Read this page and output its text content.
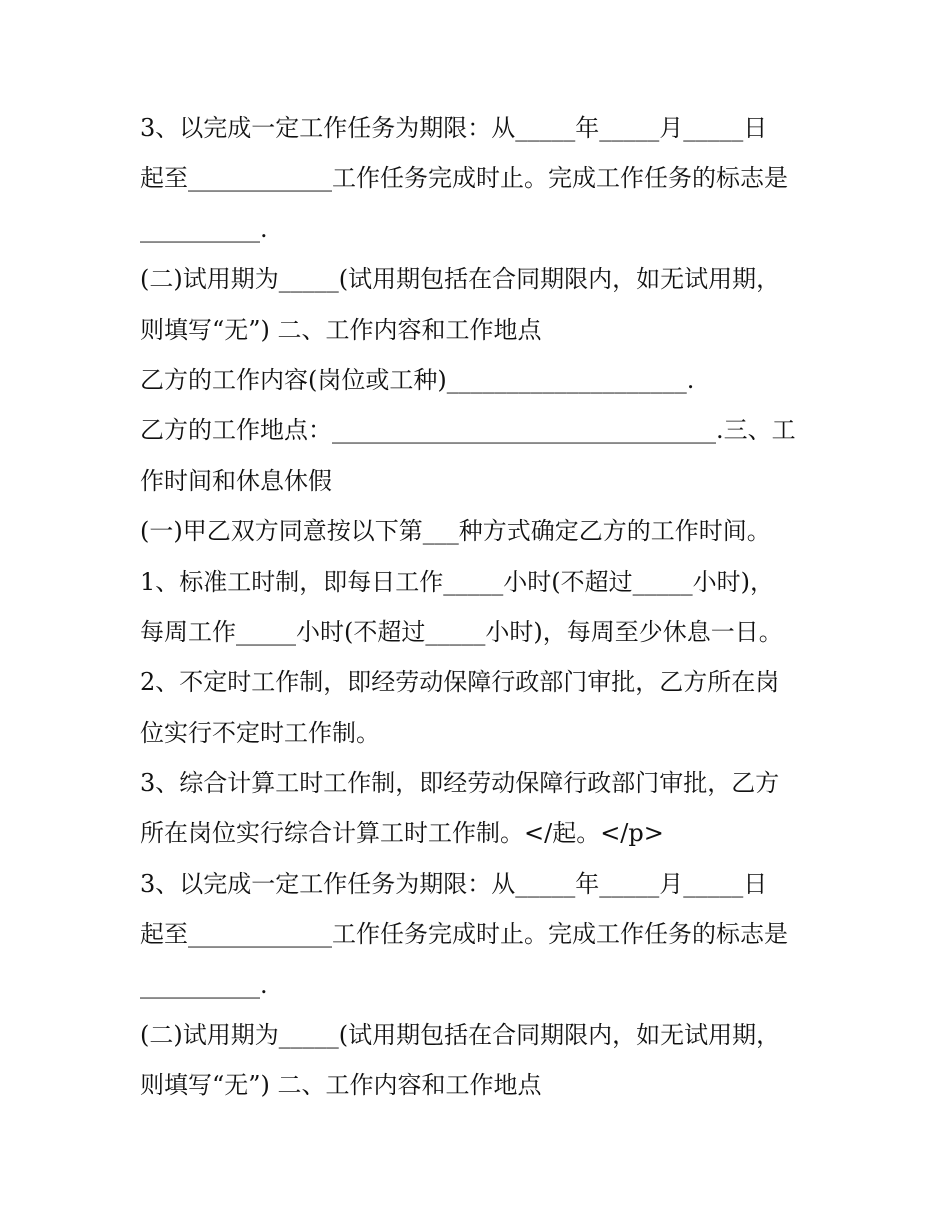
3、以完成一定工作任务为期限：从_____年_____月_____日
起至____________工作任务完成时止。完成工作任务的标志是
__________.
(二)试用期为_____(试用期包括在合同期限内，如无试用期，
则填写“无”) 二、工作内容和工作地点
乙方的工作内容(岗位或工种)____________________.
乙方的工作地点：________________________________.三、工
作时间和休息休假
(一)甲乙双方同意按以下第___种方式确定乙方的工作时间。
1、标准工时制，即每日工作_____小时(不超过_____小时)，
每周工作_____小时(不超过_____小时)，每周至少休息一日。
2、不定时工作制，即经劳动保障行政部门审批，乙方所在岗
位实行不定时工作制。
3、综合计算工时工作制，即经劳动保障行政部门审批，乙方
所在岗位实行综合计算工时工作制。</起。</p>
3、以完成一定工作任务为期限：从_____年_____月_____日
起至____________工作任务完成时止。完成工作任务的标志是
__________.
(二)试用期为_____(试用期包括在合同期限内，如无试用期，
则填写“无”) 二、工作内容和工作地点
